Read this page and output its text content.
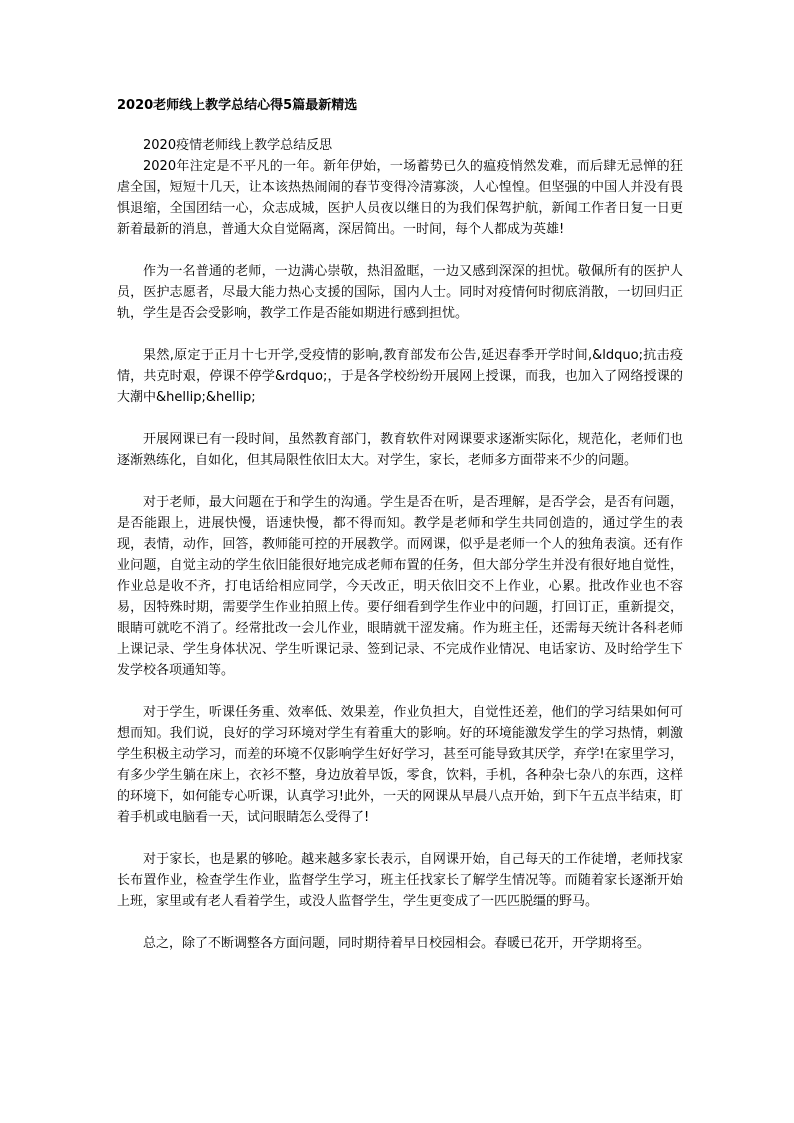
2020老师线上教学总结心得5篇最新精选
2020疫情老师线上教学总结反思

2020年注定是不平凡的一年。新年伊始，一场蓄势已久的瘟疫悄然发难，而后肆无忌惮的狂虐全国，短短十几天，让本该热热闹闹的春节变得冷清寡淡，人心惶惶。但坚强的中国人并没有畏惧退缩，全国团结一心，众志成城，医护人员夜以继日的为我们保驾护航，新闻工作者日复一日更新着最新的消息，普通大众自觉隔离，深居简出。一时间，每个人都成为英雄!

作为一名普通的老师，一边满心崇敬，热泪盈眶，一边又感到深深的担忧。敬佩所有的医护人员，医护志愿者，尽最大能力热心支援的国际，国内人士。同时对疫情何时彻底消散，一切回归正轨，学生是否会受影响，教学工作是否能如期进行感到担忧。

果然,原定于正月十七开学,受疫情的影响,教育部发布公告,延迟春季开学时间,&ldquo;抗击疫情，共克时艰，停课不停学&rdquo;，于是各学校纷纷开展网上授课，而我，也加入了网络授课的大潮中&hellip;&hellip;

开展网课已有一段时间，虽然教育部门，教育软件对网课要求逐渐实际化，规范化，老师们也逐渐熟练化，自如化，但其局限性依旧太大。对学生，家长，老师多方面带来不少的问题。

对于老师，最大问题在于和学生的沟通。学生是否在听，是否理解，是否学会，是否有问题，是否能跟上，进展快慢，语速快慢，都不得而知。教学是老师和学生共同创造的，通过学生的表现，表情，动作，回答，教师能可控的开展教学。而网课，似乎是老师一个人的独角表演。还有作业问题，自觉主动的学生依旧能很好地完成老师布置的任务，但大部分学生并没有很好地自觉性，作业总是收不齐，打电话给相应同学，今天改正，明天依旧交不上作业，心累。批改作业也不容易，因特殊时期，需要学生作业拍照上传。要仔细看到学生作业中的问题，打回订正，重新提交，眼睛可就吃不消了。经常批改一会儿作业，眼睛就干涩发痛。作为班主任，还需每天统计各科老师上课记录、学生身体状况、学生听课记录、签到记录、不完成作业情况、电话家访、及时给学生下发学校各项通知等。

对于学生，听课任务重、效率低、效果差，作业负担大，自觉性还差，他们的学习结果如何可想而知。我们说，良好的学习环境对学生有着重大的影响。好的环境能激发学生的学习热情，刺激学生积极主动学习，而差的环境不仅影响学生好好学习，甚至可能导致其厌学，弃学!在家里学习，有多少学生躺在床上，衣衫不整，身边放着早饭，零食，饮料，手机，各种杂七杂八的东西，这样的环境下，如何能专心听课，认真学习!此外，一天的网课从早晨八点开始，到下午五点半结束，盯着手机或电脑看一天，试问眼睛怎么受得了!

对于家长，也是累的够呛。越来越多家长表示，自网课开始，自己每天的工作徒增，老师找家长布置作业，检查学生作业，监督学生学习，班主任找家长了解学生情况等。而随着家长逐渐开始上班，家里或有老人看着学生，或没人监督学生，学生更变成了一匹匹脱缰的野马。

总之，除了不断调整各方面问题，同时期待着早日校园相会。春暖已花开，开学期将至。
